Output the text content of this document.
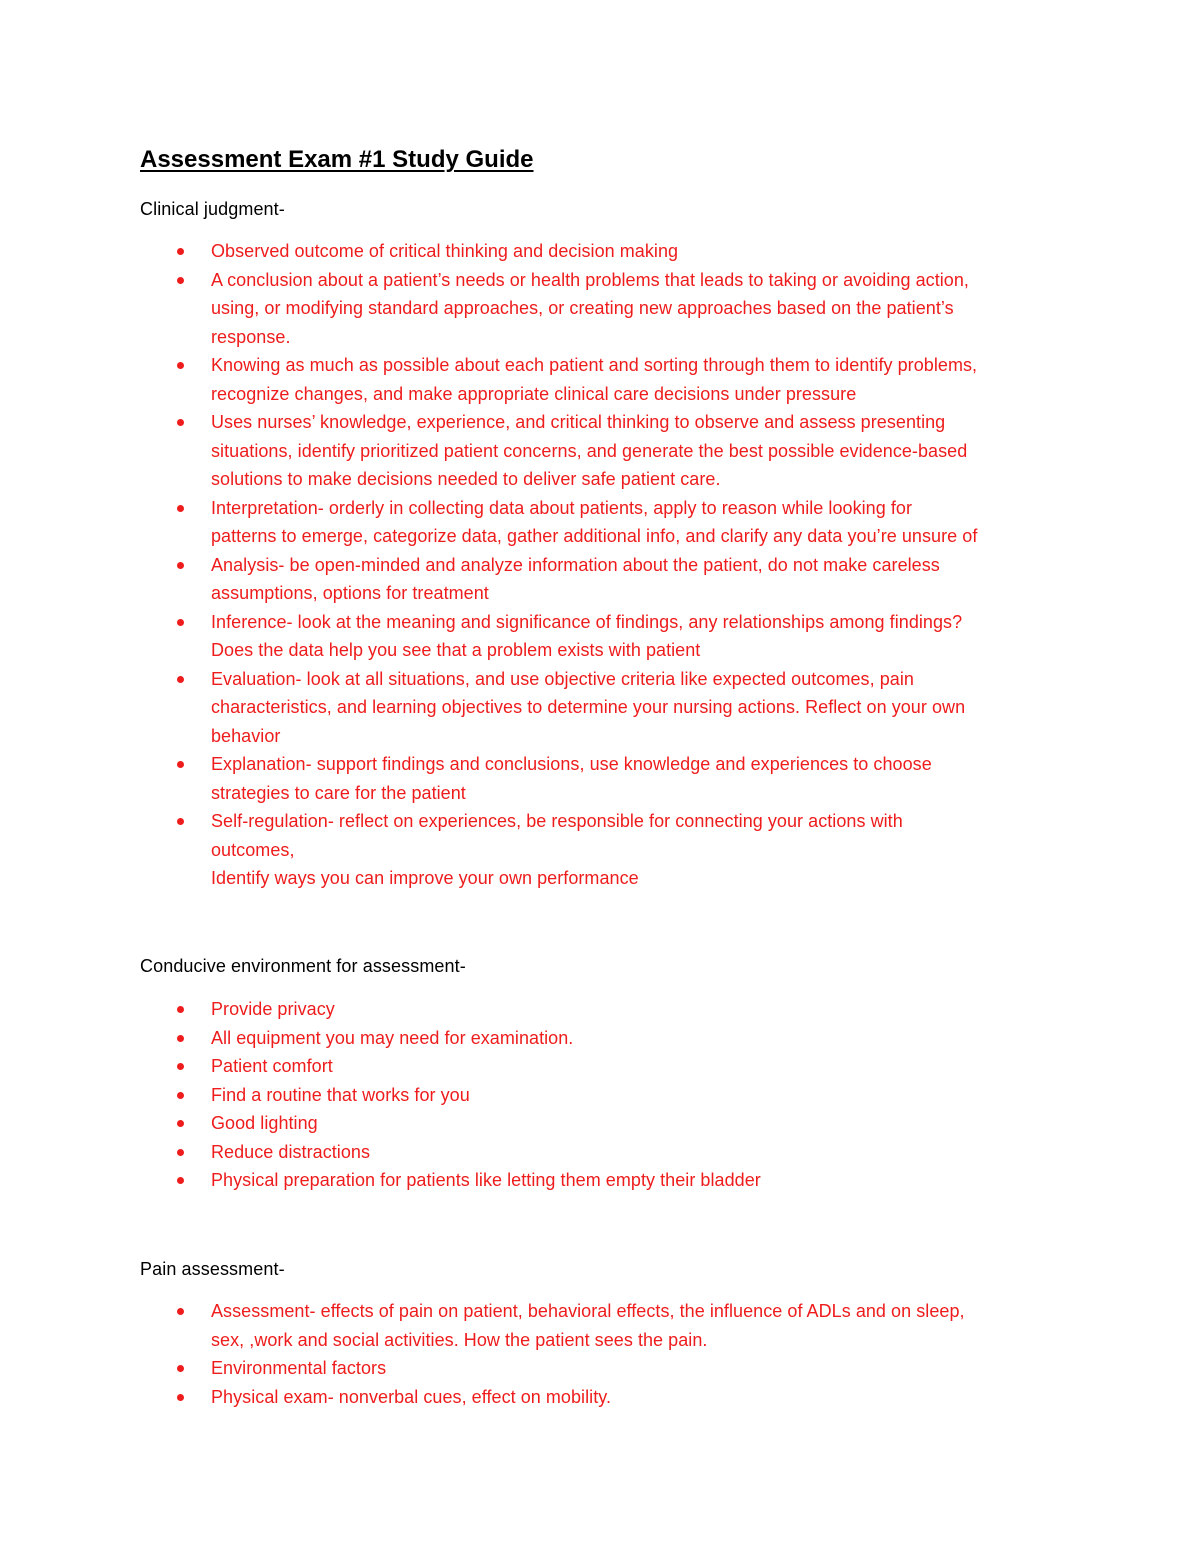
Assessment Exam #1 Study Guide
Clinical judgment-
Observed outcome of critical thinking and decision making
A conclusion about a patient’s needs or health problems that leads to taking or avoiding action,
using, or modifying standard approaches, or creating new approaches based on the patient’s
response.
Knowing as much as possible about each patient and sorting through them to identify problems,
recognize changes, and make appropriate clinical care decisions under pressure
Uses nurses’ knowledge, experience, and critical thinking to observe and assess presenting
situations, identify prioritized patient concerns, and generate the best possible evidence-based
solutions to make decisions needed to deliver safe patient care.
Interpretation- orderly in collecting data about patients, apply to reason while looking for
patterns to emerge, categorize data, gather additional info, and clarify any data you’re unsure of
Analysis- be open-minded and analyze information about the patient, do not make careless
assumptions, options for treatment
Inference- look at the meaning and significance of findings, any relationships among findings?
Does the data help you see that a problem exists with patient
Evaluation- look at all situations, and use objective criteria like expected outcomes, pain
characteristics, and learning objectives to determine your nursing actions. Reflect on your own
behavior
Explanation- support findings and conclusions, use knowledge and experiences to choose
strategies to care for the patient
Self-regulation- reflect on experiences, be responsible for connecting your actions with
outcomes,
Identify ways you can improve your own performance
Conducive environment for assessment-
Provide privacy
All equipment you may need for examination.
Patient comfort
Find a routine that works for you
Good lighting
Reduce distractions
Physical preparation for patients like letting them empty their bladder
Pain assessment-
Assessment- effects of pain on patient, behavioral effects, the influence of ADLs and on sleep,
sex, ,work and social activities. How the patient sees the pain.
Environmental factors
Physical exam- nonverbal cues, effect on mobility.
